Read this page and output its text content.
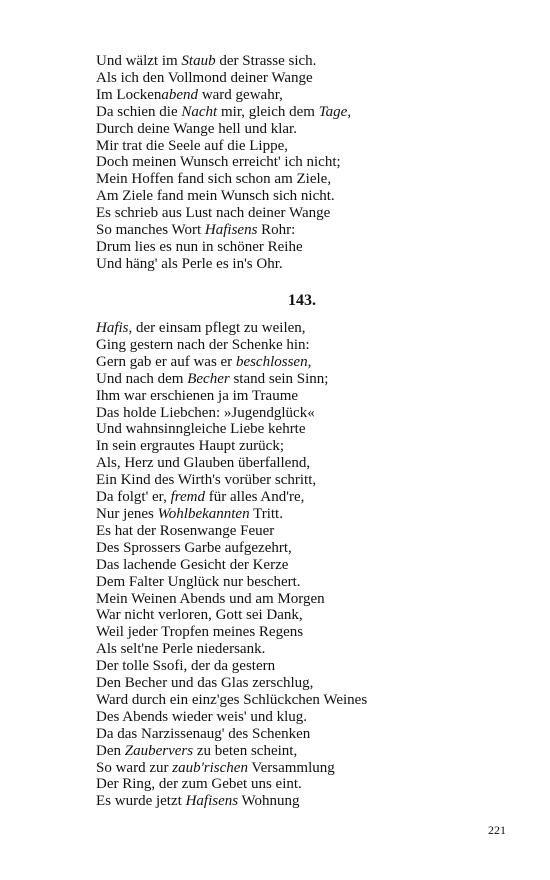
Und wälzt im Staub der Strasse sich.
Als ich den Vollmond deiner Wange
Im Lockenabend ward gewahr,
Da schien die Nacht mir, gleich dem Tage,
Durch deine Wange hell und klar.
Mir trat die Seele auf die Lippe,
Doch meinen Wunsch erreicht' ich nicht;
Mein Hoffen fand sich schon am Ziele,
Am Ziele fand mein Wunsch sich nicht.
Es schrieb aus Lust nach deiner Wange
So manches Wort Hafisens Rohr:
Drum lies es nun in schöner Reihe
Und häng' als Perle es in's Ohr.
143.
Hafis, der einsam pflegt zu weilen,
Ging gestern nach der Schenke hin:
Gern gab er auf was er beschlossen,
Und nach dem Becher stand sein Sinn;
Ihm war erschienen ja im Traume
Das holde Liebchen: »Jugendglück«
Und wahnsinngleiche Liebe kehrte
In sein ergrautes Haupt zurück;
Als, Herz und Glauben überfallend,
Ein Kind des Wirth's vorüber schritt,
Da folgt' er, fremd für alles And're,
Nur jenes Wohlbekannten Tritt.
Es hat der Rosenwange Feuer
Des Sprossers Garbe aufgezehrt,
Das lachende Gesicht der Kerze
Dem Falter Unglück nur beschert.
Mein Weinen Abends und am Morgen
War nicht verloren, Gott sei Dank,
Weil jeder Tropfen meines Regens
Als selt'ne Perle niedersank.
Der tolle Ssofi, der da gestern
Den Becher und das Glas zerschlug,
Ward durch ein einz'ges Schlückchen Weines
Des Abends wieder weis' und klug.
Da das Narzissenaug' des Schenken
Den Zaubervers zu beten scheint,
So ward zur zaub'rischen Versammlung
Der Ring, der zum Gebet uns eint.
Es wurde jetzt Hafisens Wohnung
221
